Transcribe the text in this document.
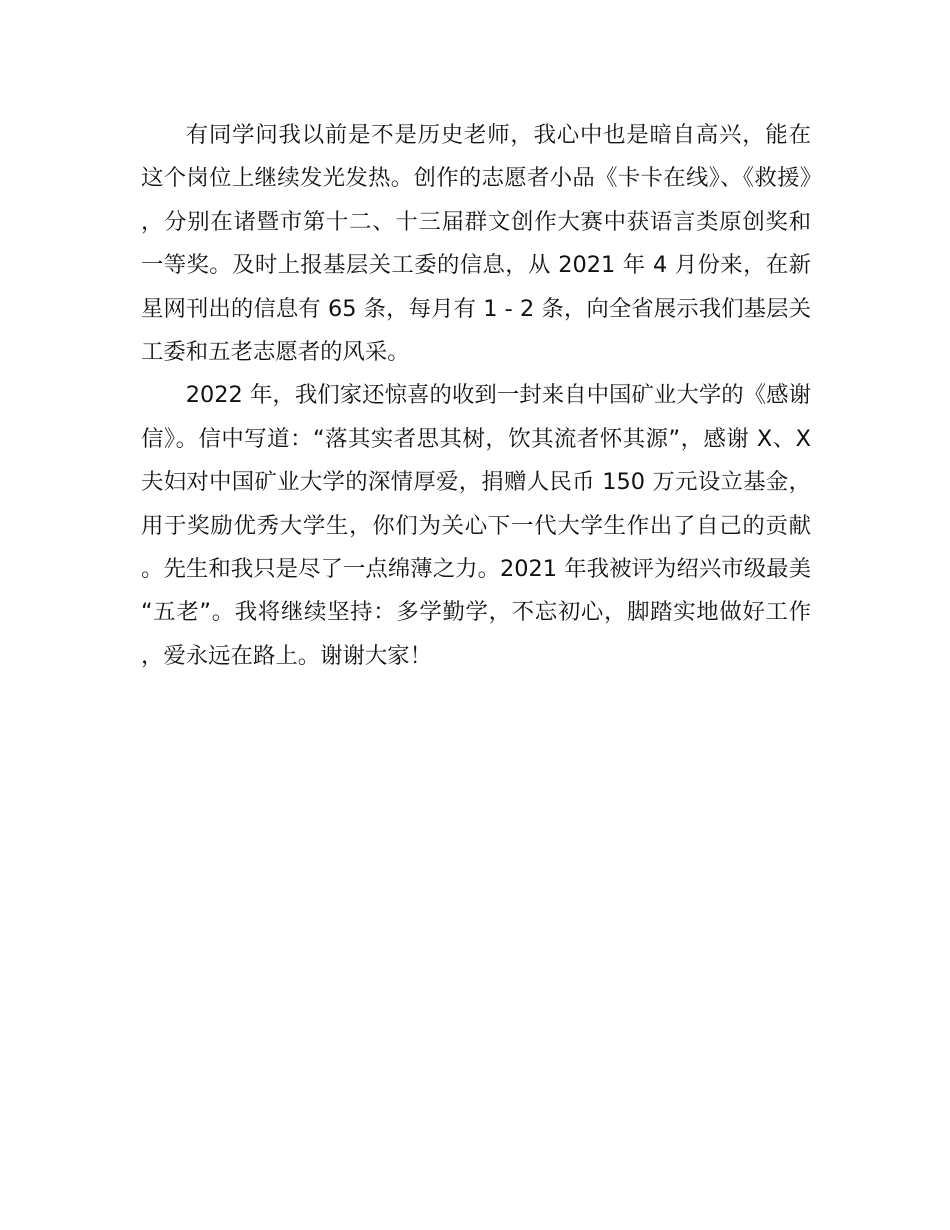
有同学问我以前是不是历史老师，我心中也是暗自高兴，能在这个岗位上继续发光发热。创作的志愿者小品《卡卡在线》、《救援》，分别在诸暨市第十二、十三届群文创作大赛中获语言类原创奖和一等奖。及时上报基层关工委的信息，从 2021 年 4 月份来，在新星网刊出的信息有 65 条，每月有 1 - 2 条，向全省展示我们基层关工委和五老志愿者的风采。

2022 年，我们家还惊喜的收到一封来自中国矿业大学的《感谢信》。信中写道：“落其实者思其树，饮其流者怀其源”，感谢 X、X 夫妇对中国矿业大学的深情厚爱，捐赠人民币 150 万元设立基金，用于奖励优秀大学生，你们为关心下一代大学生作出了自己的贡献。先生和我只是尽了一点绵薄之力。2021 年我被评为绍兴市级最美“五老”。我将继续坚持：多学勤学，不忘初心，脚踏实地做好工作，爱永远在路上。谢谢大家！
